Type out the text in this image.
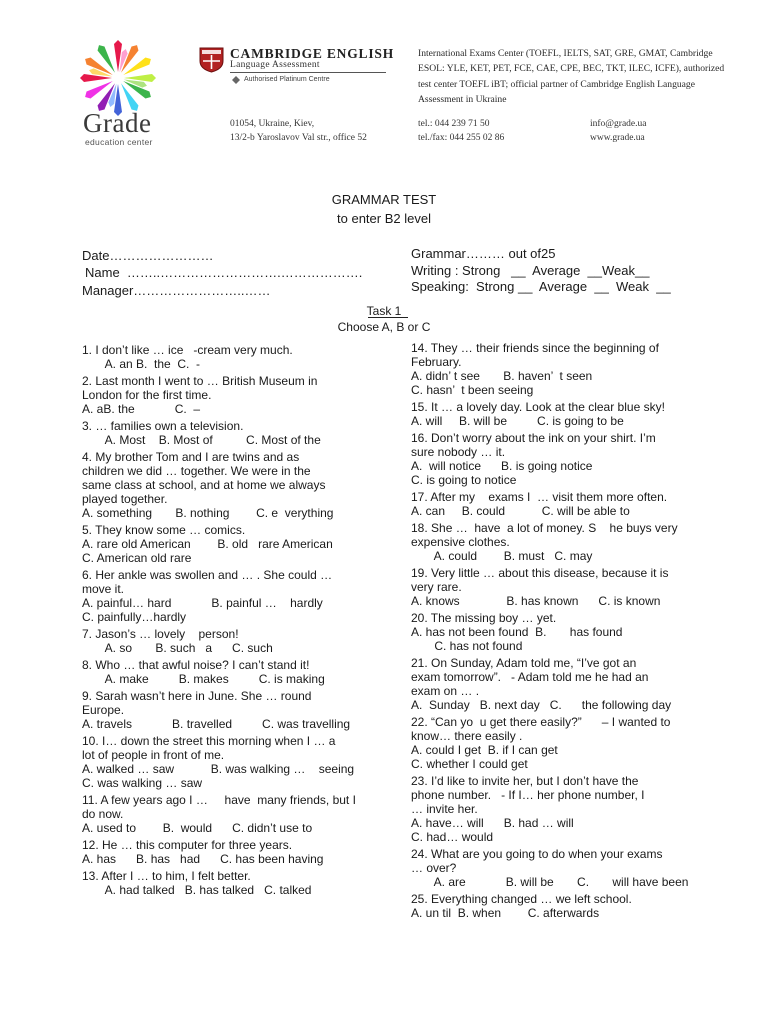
Grade
education center
CAMBRIDGE ENGLISH
Language Assessment
Authorised Platinum Centre
International Exams Center (TOEFL, IELTS, SAT, GRE, GMAT, Cambridge ESOL: YLE, KET, PET, FCE, CAE, CPE, BEC, TKT, ILEC, ICFE), authorized test center TOEFL iBT; official partner of Cambridge English Language Assessment in Ukraine
01054, Ukraine, Kiev,
13/2-b Yaroslavov Val str., office 52
tel.: 044 239 71 50
tel./fax: 044 255 02 86
info@grade.ua
www.grade.ua
GRAMMAR TEST
to enter B2 level
Date……………………
Name  ……..……………………….……………….
Manager……………………..……
Grammar……… out of25
Writing : Strong   __  Average  __Weak__
Speaking:  Strong __  Average  __  Weak  __
Task 1
Choose A, B or C
1. I don’t like … ice   -cream very much.
A. an B.  the  C.  -
2. Last month I went to … British Museum in
London for the first time.
A. aB. the            C.  –
3. … families own a television.
A. Most    B. Most of          C. Most of the
4. My brother Tom and I are twins and as
children we did … together. We were in the
same class at school, and at home we always
played together.
A. something       B. nothing        C. e  verything
5. They know some … comics.
A. rare old American        B. old   rare American
C. American old rare
6. Her ankle was swollen and … . She could …
move it.
A. painful… hard            B. painful …    hardly
C. painfully…hardly
7. Jason’s … lovely    person!
A. so       B. such   a      C. such
8. Who … that awful noise? I can’t stand it!
A. make         B. makes         C. is making
9. Sarah wasn’t here in June. She … round
Europe.
A. travels            B. travelled         C. was travelling
10. I… down the street this morning when I … a
lot of people in front of me.
A. walked … saw           B. was walking …    seeing
C. was walking … saw
11. A few years ago I …     have  many friends, but I
do now.
A. used to        B.  would      C. didn’t use to
12. He … this computer for three years.
A. has      B. has   had      C. has been having
13. After I … to him, I felt better.
A. had talked   B. has talked   C. talked
14. They … their friends since the beginning of
February.
A. didn’ t see       B. haven’  t seen
C. hasn’  t been seeing
15. It … a lovely day. Look at the clear blue sky!
A. will     B. will be         C. is going to be
16. Don’t worry about the ink on your shirt. I’m
sure nobody … it.
A.  will notice      B. is going notice
C. is going to notice
17. After my    exams I  … visit them more often.
A. can     B. could           C. will be able to
18. She …  have  a lot of money. S    he buys very
expensive clothes.
A. could        B. must   C. may
19. Very little … about this disease, because it is
very rare.
A. knows              B. has known      C. is known
20. The missing boy … yet.
A. has not been found  B.       has found
C. has not found
21. On Sunday, Adam told me, “I’ve got an
exam tomorrow”.   - Adam told me he had an
exam on … .
A.  Sunday   B. next day   C.      the following day
22. “Can yo  u get there easily?”      – I wanted to
know… there easily .
A. could I get  B. if I can get
C. whether I could get
23. I’d like to invite her, but I don’t have the
phone number.   - If I… her phone number, I
… invite her.
A. have… will      B. had … will
C. had… would
24. What are you going to do when your exams
… over?
A. are            B. will be       C.       will have been
25. Everything changed … we left school.
A. un til  B. when        C. afterwards
